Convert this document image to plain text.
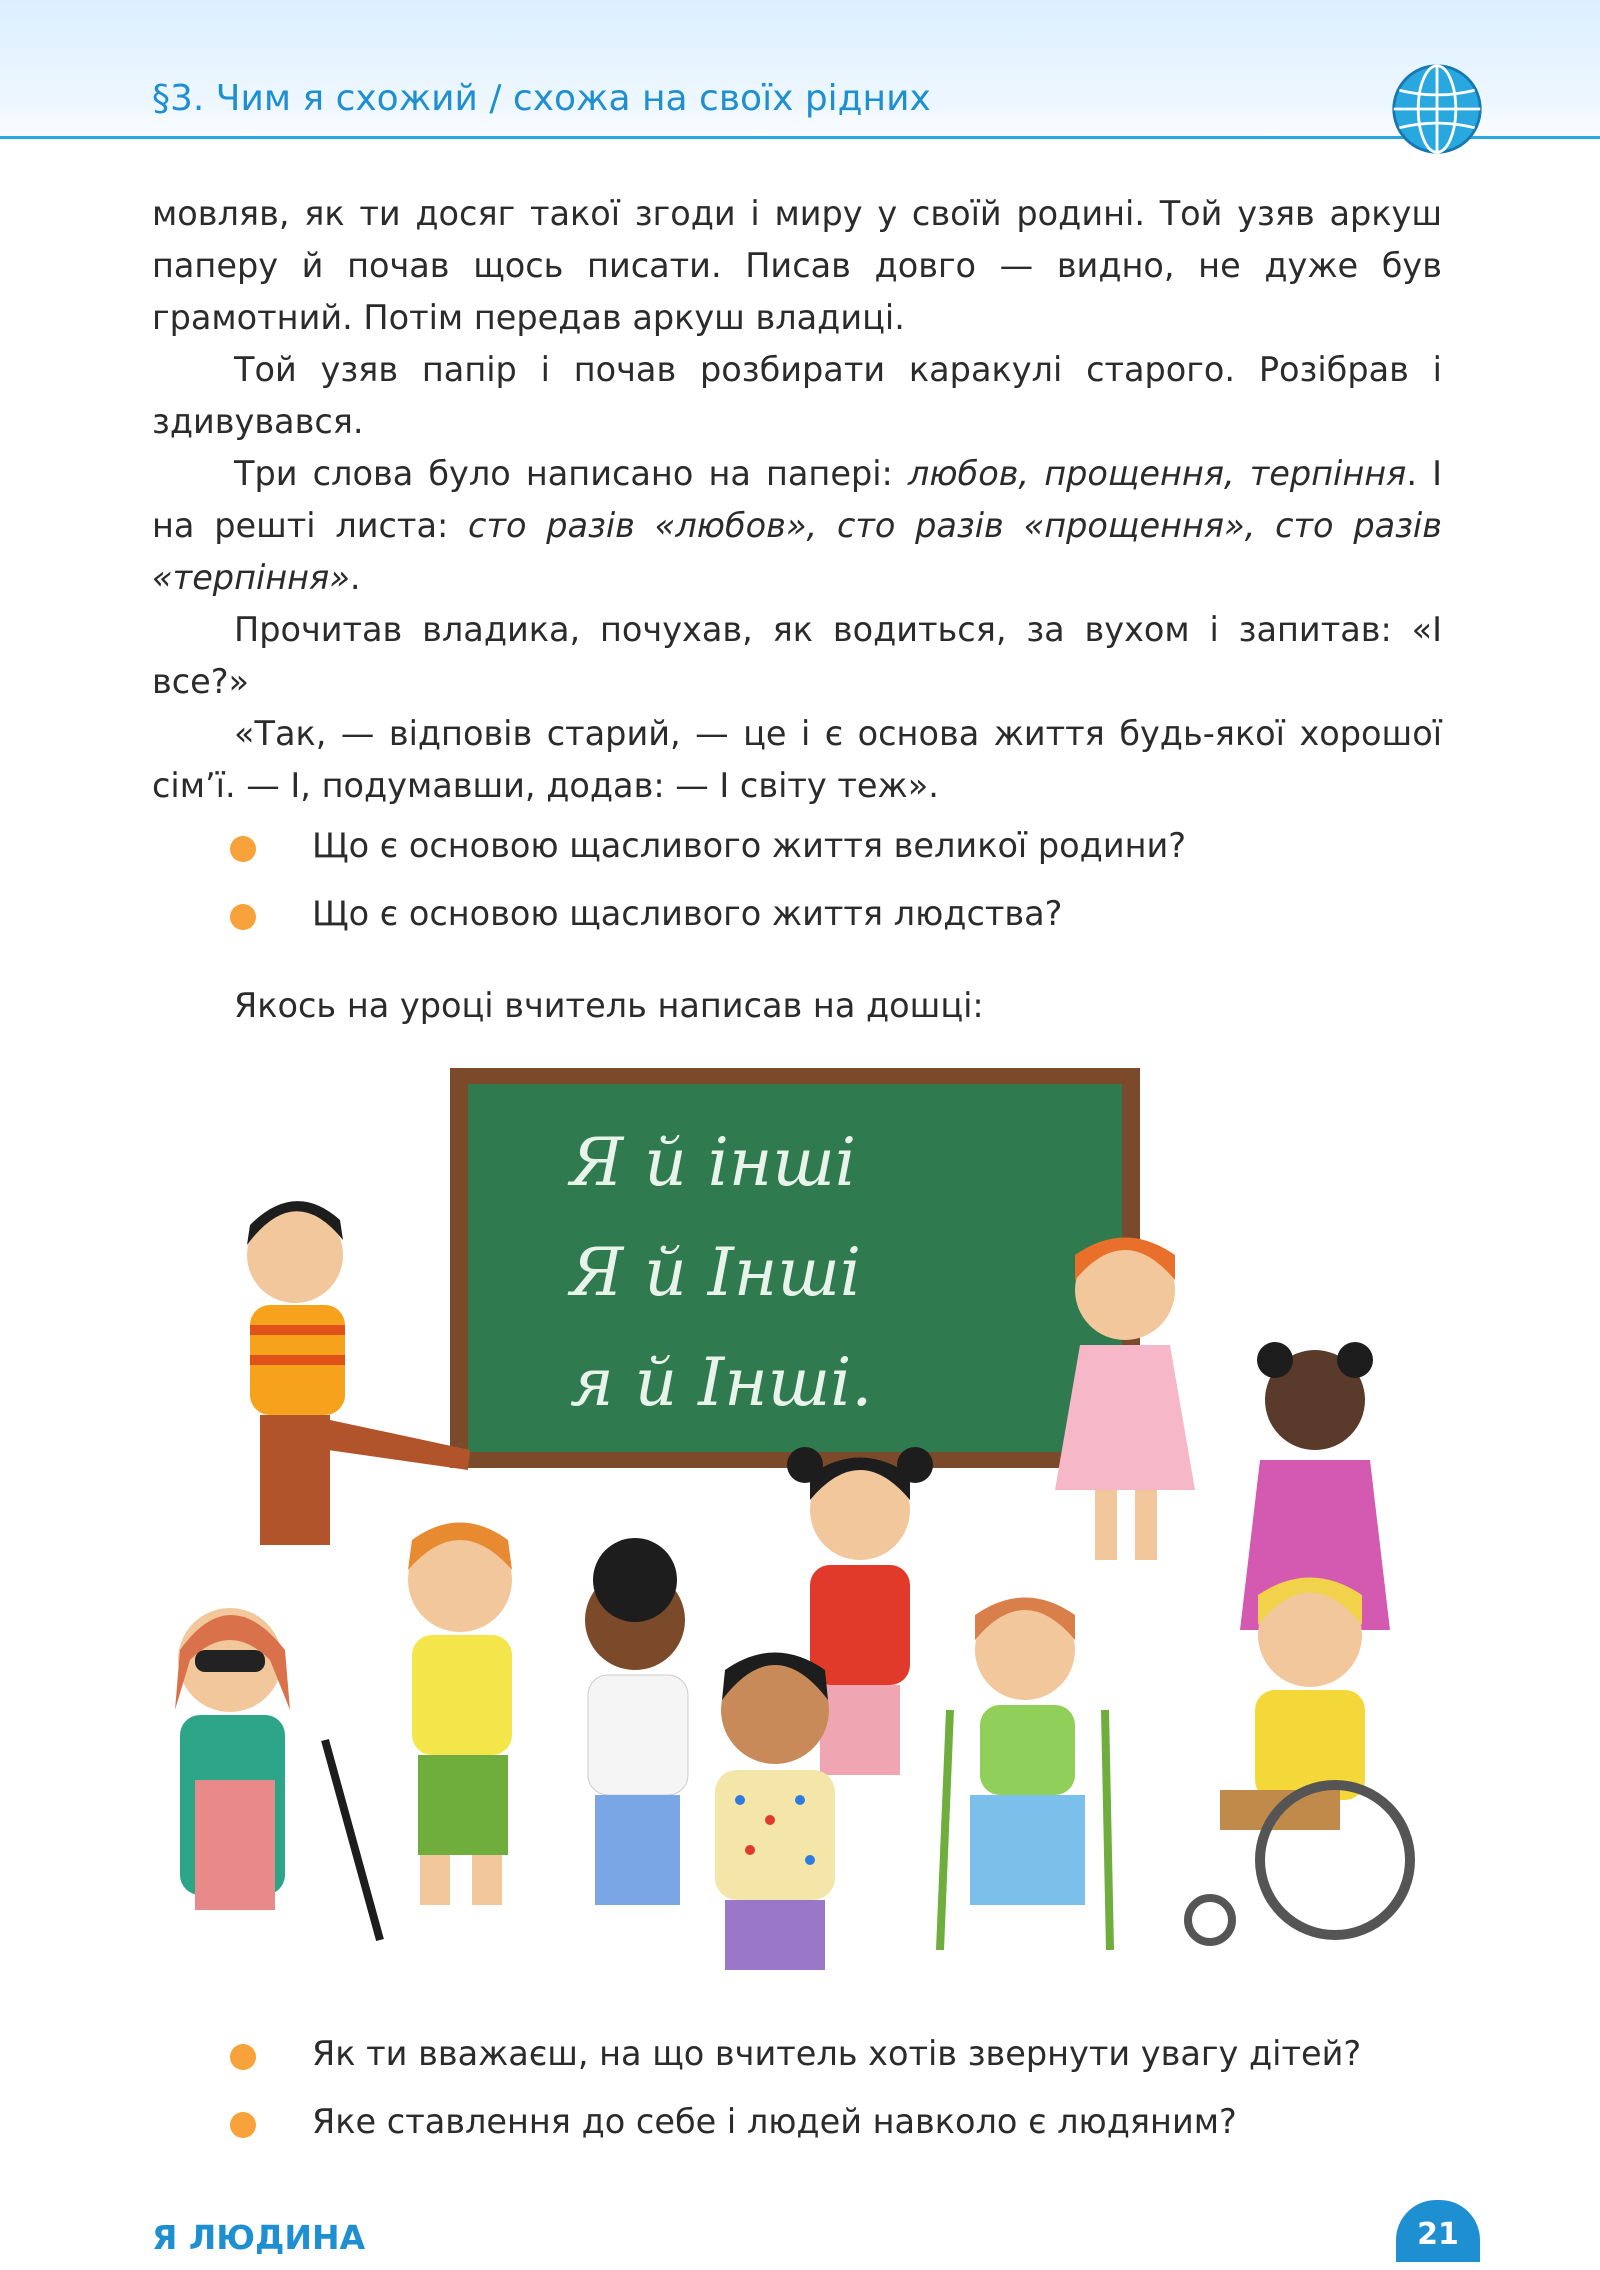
§3. Чим я схожий / схожа на своїх рідних

мовляв, як ти досяг такої згоди і миру у своїй родині. Той узяв аркуш паперу й почав щось писати. Писав довго — видно, не дуже був грамотний. Потім передав аркуш владиці.

Той узяв папір і почав розбирати каракулі старого. Розібрав і здивувався.

Три слова було написано на папері: любов, прощення, терпіння. І на решті листа: сто разів «любов», сто разів «прощення», сто разів «терпіння».

Прочитав владика, почухав, як водиться, за вухом і запитав: «І все?»

«Так, — відповів старий, — це і є основа життя будь-якої хорошої сім’ї. — І, подумавши, додав: — І світу теж».

Що є основою щасливого життя великої родини?
Що є основою щасливого життя людства?
Якось на уроці вчитель написав на дошці:
Я й інші
Я й Інші
я й Інші.
Як ти вважаєш, на що вчитель хотів звернути увагу дітей?
Яке ставлення до себе і людей навколо є людяним?
Я ЛЮДИНА	21
